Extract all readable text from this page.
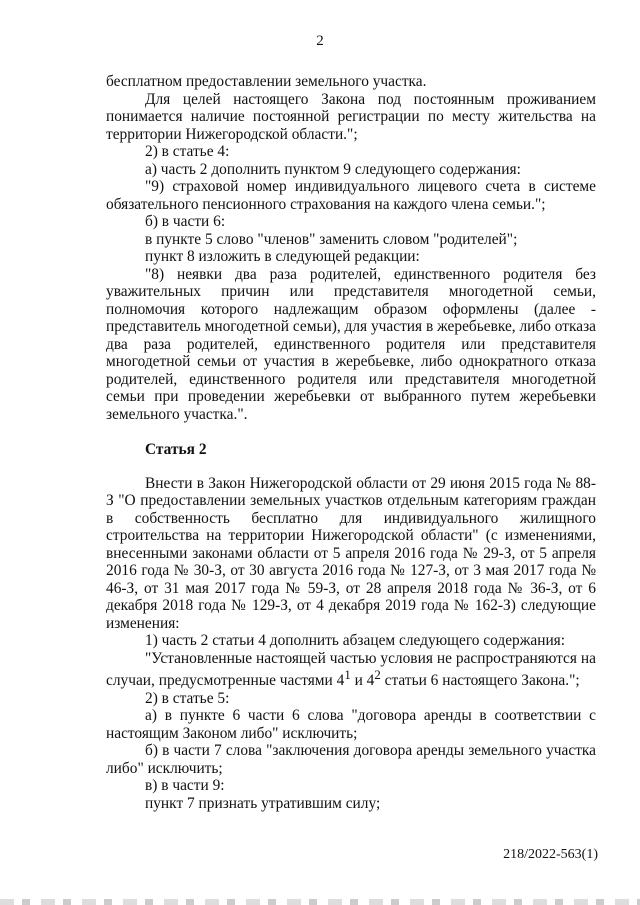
2

бесплатном предоставлении земельного участка.

Для целей настоящего Закона под постоянным проживанием понимается наличие постоянной регистрации по месту жительства на территории Нижегородской области.";

2) в статье 4:

а) часть 2 дополнить пунктом 9 следующего содержания:

"9) страховой номер индивидуального лицевого счета в системе обязательного пенсионного страхования на каждого члена семьи.";

б) в части 6:

в пункте 5 слово "членов" заменить словом "родителей";

пункт 8 изложить в следующей редакции:

"8) неявки два раза родителей, единственного родителя без уважительных причин или представителя многодетной семьи, полномочия которого надлежащим образом оформлены (далее - представитель многодетной семьи), для участия в жеребьевке, либо отказа два раза родителей, единственного родителя или представителя многодетной семьи от участия в жеребьевке, либо однократного отказа родителей, единственного родителя или представителя многодетной семьи при проведении жеребьевки от выбранного путем жеребьевки земельного участка.".

Статья 2

Внести в Закон Нижегородской области от 29 июня 2015 года № 88-З "О предоставлении земельных участков отдельным категориям граждан в собственность бесплатно для индивидуального жилищного строительства на территории Нижегородской области" (с изменениями, внесенными законами области от 5 апреля 2016 года № 29-З, от 5 апреля 2016 года № 30-З, от 30 августа 2016 года № 127-З, от 3 мая 2017 года № 46-З, от 31 мая 2017 года № 59-З, от 28 апреля 2018 года № 36-З, от 6 декабря 2018 года № 129-З, от 4 декабря 2019 года № 162-З) следующие изменения:

1) часть 2 статьи 4 дополнить абзацем следующего содержания:

"Установленные настоящей частью условия не распространяются на случаи, предусмотренные частями $4^1$ и $4^2$ статьи 6 настоящего Закона.";

2) в статье 5:

а) в пункте 6 части 6 слова "договора аренды в соответствии с настоящим Законом либо" исключить;

б) в части 7 слова "заключения договора аренды земельного участка либо" исключить;

в) в части 9:

пункт 7 признать утратившим силу;

218/2022-563(1)
